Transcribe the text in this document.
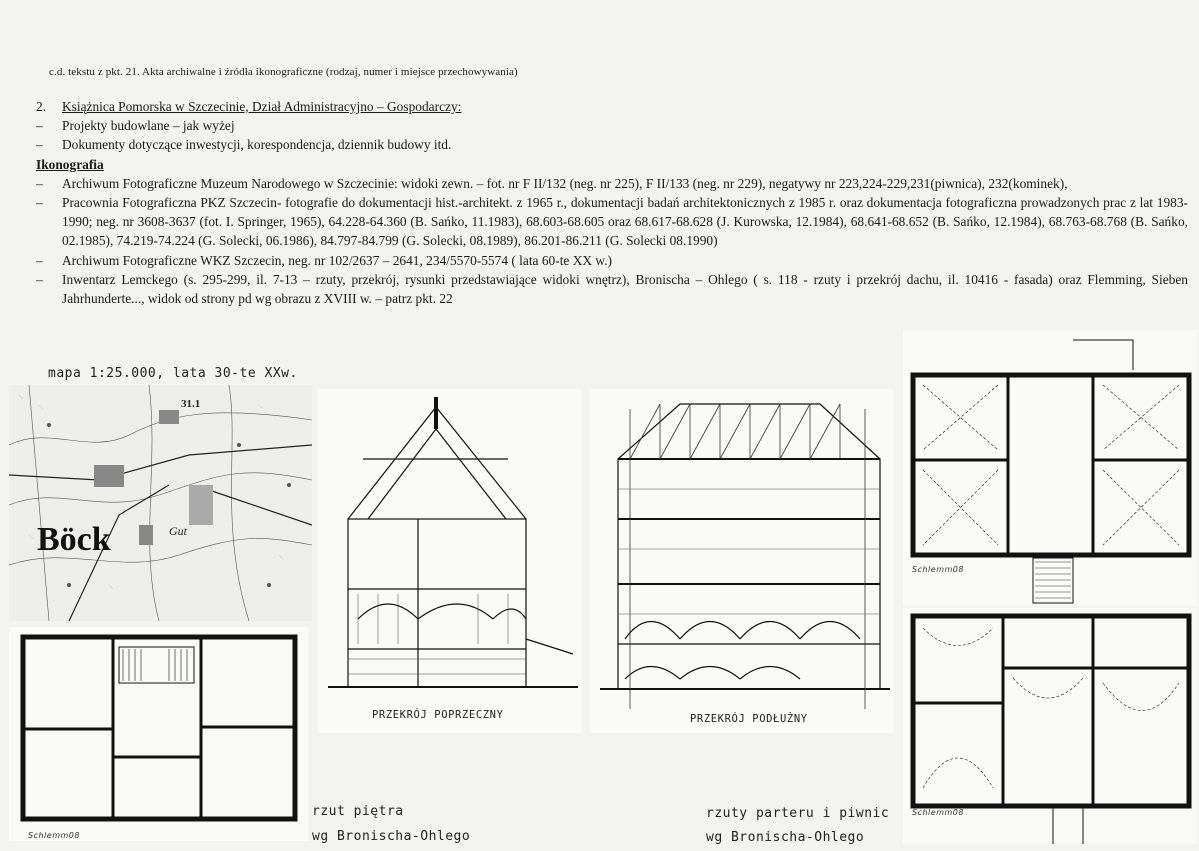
c.d. tekstu z pkt. 21. Akta archiwalne i źródła ikonograficzne (rodzaj, numer i miejsce przechowywania)
2. Książnica Pomorska w Szczecinie, Dział Administracyjno – Gospodarczy:
–	Projekty budowlane – jak wyżej
–	Dokumenty dotyczące inwestycji, korespondencja, dziennik budowy itd.
Ikonografia
–	Archiwum Fotograficzne Muzeum Narodowego w Szczecinie: widoki zewn. – fot. nr F II/132 (neg. nr 225), F II/133 (neg. nr 229), negatywy nr 223,224-229,231(piwnica), 232(kominek),
–	Pracownia Fotograficzna PKZ Szczecin- fotografie do dokumentacji hist.-architekt. z 1965 r., dokumentacji badań architektonicznych z 1985 r. oraz dokumentacja fotograficzna prowadzonych prac z lat 1983-1990; neg. nr 3608-3637 (fot. I. Springer, 1965), 64.228-64.360 (B. Sańko, 11.1983), 68.603-68.605 oraz 68.617-68.628 (J. Kurowska, 12.1984), 68.641-68.652 (B. Sańko, 12.1984), 68.763-68.768 (B. Sańko, 02.1985), 74.219-74.224 (G. Solecki, 06.1986), 84.797-84.799 (G. Solecki, 08.1989), 86.201-86.211 (G. Solecki 08.1990)
–	Archiwum Fotograficzne WKZ Szczecin, neg. nr 102/2637 – 2641, 234/5570-5574 ( lata 60-te XX w.)
–	Inwentarz Lemckego (s. 295-299, il. 7-13 – rzuty, przekrój, rysunki przedstawiające widoki wnętrz), Bronischa – Ohlego ( s. 118 - rzuty i przekrój dachu, il. 10416 - fasada) oraz Flemming, Sieben Jahrhunderte..., widok od strony pd wg obrazu z XVIII w. – patrz pkt. 22
mapa 1:25.000, lata 30-te XXw.
31.1
Böck	Gut
Schlemm08
PRZEKRÓJ POPRZECZNY	PRZEKRÓJ PODŁUŻNY
Schlemm08
Schlemm08
rzut piętra
wg Bronischa-Ohlego
rzuty parteru i piwnic
wg Bronischa-Ohlego
